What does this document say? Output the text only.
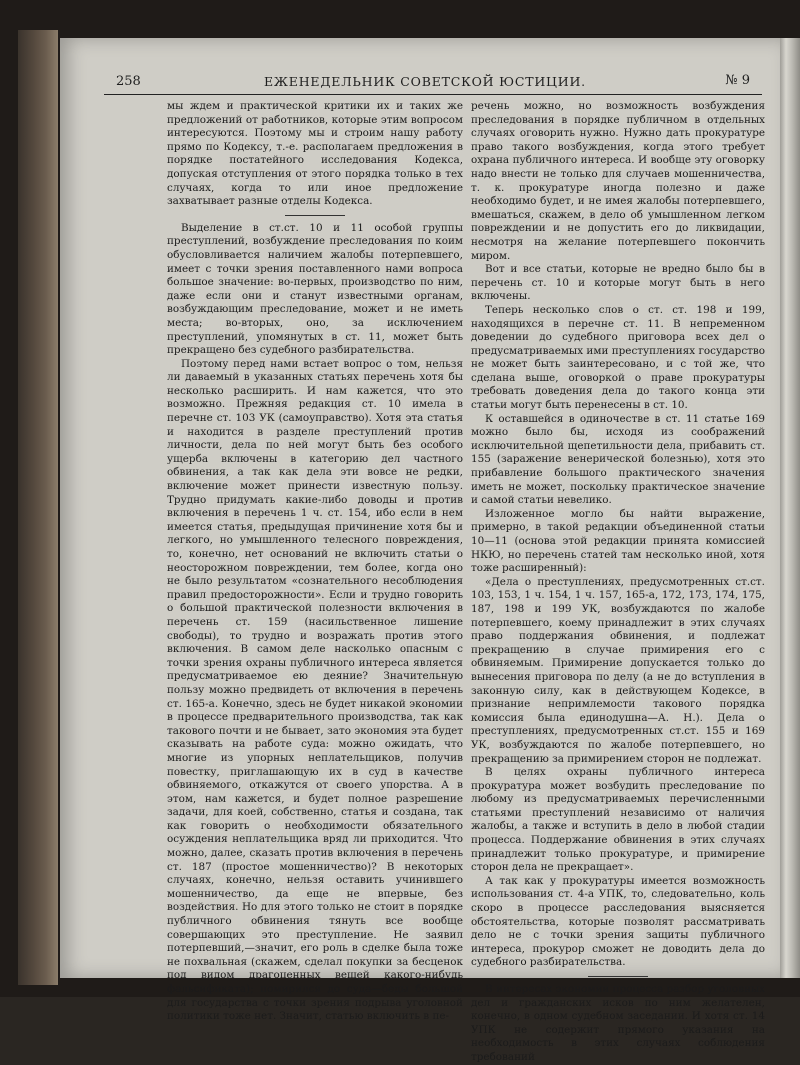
258	ЕЖЕНЕДЕЛЬНИК СОВЕТСКОЙ ЮСТИЦИИ.	№ 9

мы ждем и практической критики их и таких же предложений от работников, которые этим вопросом интересуются. Поэтому мы и строим нашу работу прямо по Кодексу, т.-е. располагаем предложения в порядке постатейного исследования Кодекса, допуская отступления от этого порядка только в тех случаях, когда то или иное предложение захватывает разные отделы Кодекса.

Выделение в ст.ст. 10 и 11 особой группы преступлений, возбуждение преследования по коим обусловливается наличием жалобы потерпевшего, имеет с точки зрения поставленного нами вопроса большое значение: во-первых, производство по ним, даже если они и станут известными органам, возбуждающим преследование, может и не иметь места; во-вторых, оно, за исключением преступлений, упомянутых в ст. 11, может быть прекращено без судебного разбирательства.

Поэтому перед нами встает вопрос о том, нельзя ли даваемый в указанных статьях перечень хотя бы несколько расширить. И нам кажется, что это возможно. Прежняя редакция ст. 10 имела в перечне ст. 103 УК (самоуправство). Хотя эта статья и находится в разделе преступлений против личности, дела по ней могут быть без особого ущерба включены в категорию дел частного обвинения, а так как дела эти вовсе не редки, включение может принести известную пользу. Трудно придумать какие-либо доводы и против включения в перечень 1 ч. ст. 154, ибо если в нем имеется статья, предыдущая причинение хотя бы и легкого, но умышленного телесного повреждения, то, конечно, нет оснований не включить статьи о неосторожном повреждении, тем более, когда оно не было результатом «сознательного несоблюдения правил предосторожности». Если и трудно говорить о большой практической полезности включения в перечень ст. 159 (насильственное лишение свободы), то трудно и возражать против этого включения. В самом деле насколько опасным с точки зрения охраны публичного интереса является предусматриваемое ею деяние? Значительную пользу можно предвидеть от включения в перечень ст. 165-а. Конечно, здесь не будет никакой экономии в процессе предварительного производства, так как такового почти и не бывает, зато экономия эта будет сказывать на работе суда: можно ожидать, что многие из упорных неплательщиков, получив повестку, приглашающую их в суд в качестве обвиняемого, откажутся от своего упорства. А в этом, нам кажется, и будет полное разрешение задачи, для коей, собственно, статья и создана, так как говорить о необходимости обязательного осуждения неплательщика вряд ли приходится. Что можно, далее, сказать против включения в перечень ст. 187 (простое мошенничество)? В некоторых случаях, конечно, нельзя оставить учинившего мошенничество, да еще не впервые, без воздействия. Но для этого только не стоит в порядке публичного обвинения тянуть все вообще совершающих это преступление. Не заявил потерпевший,—значит, его роль в сделке была тоже не похвальная (скажем, сделал покупки за бесценок под видом драгоценных вещей какого-нибудь фальсификата); помирился до суда—беды большой для государства с точки зрения подрыва уголовной политики тоже нет. Значит, статью включить в пе-

речень можно, но возможность возбуждения преследования в порядке публичном в отдельных случаях оговорить нужно. Нужно дать прокуратуре право такого возбуждения, когда этого требует охрана публичного интереса. И вообще эту оговорку надо внести не только для случаев мошенничества, т. к. прокуратуре иногда полезно и даже необходимо будет, и не имея жалобы потерпевшего, вмешаться, скажем, в дело об умышленном легком повреждении и не допустить его до ликвидации, несмотря на желание потерпевшего покончить миром.

Вот и все статьи, которые не вредно было бы в перечень ст. 10 и которые могут быть в него включены.

Теперь несколько слов о ст. ст. 198 и 199, находящихся в перечне ст. 11. В непременном доведении до судебного приговора всех дел о предусматриваемых ими преступлениях государство не может быть заинтересовано, и с той же, что сделана выше, оговоркой о праве прокуратуры требовать доведения дела до такого конца эти статьи могут быть перенесены в ст. 10.

К оставшейся в одиночестве в ст. 11 статье 169 можно было бы, исходя из соображений исключительной щепетильности дела, прибавить ст. 155 (заражение венерической болезнью), хотя это прибавление большого практического значения иметь не может, поскольку практическое значение и самой статьи невелико.

Изложенное могло бы найти выражение, примерно, в такой редакции объединенной статьи 10—11 (основа этой редакции принята комиссией НКЮ, но перечень статей там несколько иной, хотя тоже расширенный):

«Дела о преступлениях, предусмотренных ст.ст. 103, 153, 1 ч. 154, 1 ч. 157, 165-а, 172, 173, 174, 175, 187, 198 и 199 УК, возбуждаются по жалобе потерпевшего, коему принадлежит в этих случаях право поддержания обвинения, и подлежат прекращению в случае примирения его с обвиняемым. Примирение допускается только до вынесения приговора по делу (а не до вступления в законную силу, как в действующем Кодексе, в признание непримлемости такового порядка комиссия была единодушна—А. Н.). Дела о преступлениях, предусмотренных ст.ст. 155 и 169 УК, возбуждаются по жалобе потерпевшего, но прекращению за примирением сторон не подлежат.

В целях охраны публичного интереса прокуратура может возбудить преследование по любому из предусматриваемых перечисленными статьями преступлений независимо от наличия жалобы, а также и вступить в дело в любой стадии процесса. Поддержание обвинения в этих случаях принадлежит только прокуратуре, и примирение сторон дела не прекращает».

А так как у прокуратуры имеется возможность использования ст. 4-а УПК, то, следовательно, коль скоро в процессе расследования выясняется обстоятельства, которые позволят рассматривать дело не с точки зрения защиты публичного интереса, прокурор сможет не доводить дела до судебного разбирательства.

В интересах экономии процесса разбор уголовных дел и гражданских исков по ним желателен, конечно, в одном судебном заседании. И хотя ст. 14 УПК не содержит прямого указания на необходимость в этих случаях соблюдения требований
